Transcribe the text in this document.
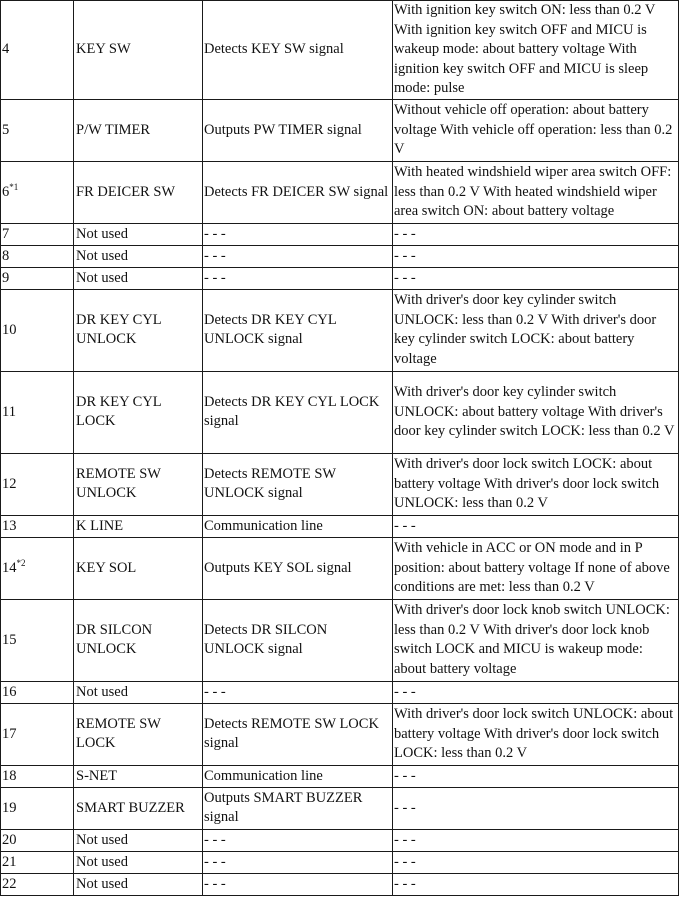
4	KEY SW	Detects KEY SW signal	With ignition key switch ON: less than 0.2 V With ignition key switch OFF and MICU is wakeup mode: about battery voltage With ignition key switch OFF and MICU is sleep mode: pulse
5	P/W TIMER	Outputs PW TIMER signal	Without vehicle off operation: about battery voltage With vehicle off operation: less than 0.2 V
6$^{*1}$	FR DEICER SW	Detects FR DEICER SW signal	With heated windshield wiper area switch OFF: less than 0.2 V With heated windshield wiper area switch ON: about battery voltage
7	Not used	- - -	- - -
8	Not used	- - -	- - -
9	Not used	- - -	- - -
10	DR KEY CYL UNLOCK	Detects DR KEY CYL UNLOCK signal	With driver's door key cylinder switch UNLOCK: less than 0.2 V With driver's door key cylinder switch LOCK: about battery voltage
11	DR KEY CYL LOCK	Detects DR KEY CYL LOCK signal	With driver's door key cylinder switch UNLOCK: about battery voltage With driver's door key cylinder switch LOCK: less than 0.2 V
12	REMOTE SW UNLOCK	Detects REMOTE SW UNLOCK signal	With driver's door lock switch LOCK: about battery voltage With driver's door lock switch UNLOCK: less than 0.2 V
13	K LINE	Communication line	- - -
14$^{*2}$	KEY SOL	Outputs KEY SOL signal	With vehicle in ACC or ON mode and in P position: about battery voltage If none of above conditions are met: less than 0.2 V
15	DR SILCON UNLOCK	Detects DR SILCON UNLOCK signal	With driver's door lock knob switch UNLOCK: less than 0.2 V With driver's door lock knob switch LOCK and MICU is wakeup mode: about battery voltage
16	Not used	- - -	- - -
17	REMOTE SW LOCK	Detects REMOTE SW LOCK signal	With driver's door lock switch UNLOCK: about battery voltage With driver's door lock switch LOCK: less than 0.2 V
18	S-NET	Communication line	- - -
19	SMART BUZZER	Outputs SMART BUZZER signal	- - -
20	Not used	- - -	- - -
21	Not used	- - -	- - -
22	Not used	- - -	- - -
